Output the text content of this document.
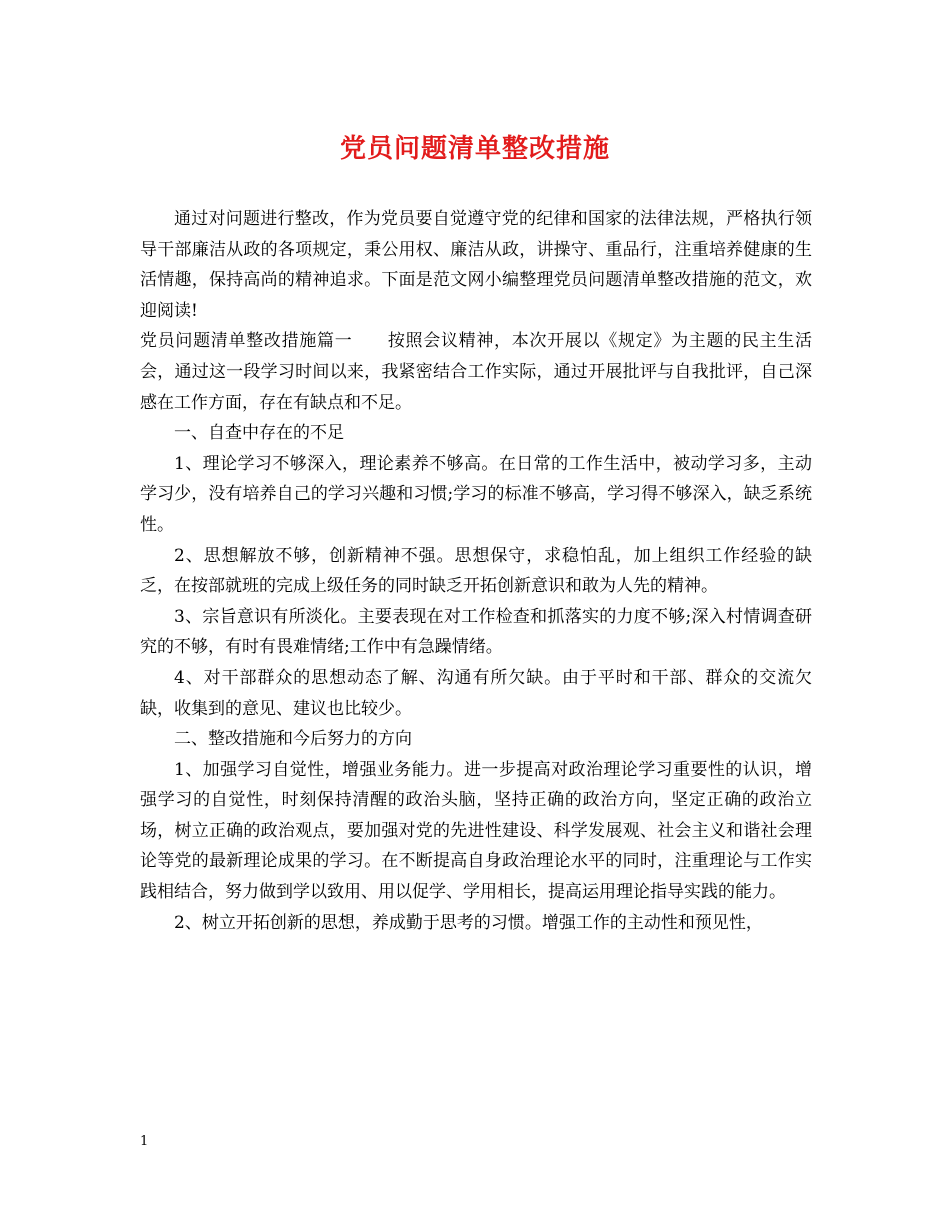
党员问题清单整改措施

通过对问题进行整改，作为党员要自觉遵守党的纪律和国家的法律法规，严格执行领导干部廉洁从政的各项规定，秉公用权、廉洁从政，讲操守、重品行，注重培养健康的生活情趣，保持高尚的精神追求。下面是范文网小编整理党员问题清单整改措施的范文，欢迎阅读!

党员问题清单整改措施篇一　　按照会议精神，本次开展以《规定》为主题的民主生活会，通过这一段学习时间以来，我紧密结合工作实际，通过开展批评与自我批评，自己深感在工作方面，存在有缺点和不足。

一、自查中存在的不足

1、理论学习不够深入，理论素养不够高。在日常的工作生活中，被动学习多，主动学习少，没有培养自己的学习兴趣和习惯;学习的标准不够高，学习得不够深入，缺乏系统性。

2、思想解放不够，创新精神不强。思想保守，求稳怕乱，加上组织工作经验的缺乏，在按部就班的完成上级任务的同时缺乏开拓创新意识和敢为人先的精神。

3、宗旨意识有所淡化。主要表现在对工作检查和抓落实的力度不够;深入村情调查研究的不够，有时有畏难情绪;工作中有急躁情绪。

4、对干部群众的思想动态了解、沟通有所欠缺。由于平时和干部、群众的交流欠缺，收集到的意见、建议也比较少。

二、整改措施和今后努力的方向

1、加强学习自觉性，增强业务能力。进一步提高对政治理论学习重要性的认识，增强学习的自觉性，时刻保持清醒的政治头脑，坚持正确的政治方向，坚定正确的政治立场，树立正确的政治观点，要加强对党的先进性建设、科学发展观、社会主义和谐社会理论等党的最新理论成果的学习。在不断提高自身政治理论水平的同时，注重理论与工作实践相结合，努力做到学以致用、用以促学、学用相长，提高运用理论指导实践的能力。

2、树立开拓创新的思想，养成勤于思考的习惯。增强工作的主动性和预见性，

1
